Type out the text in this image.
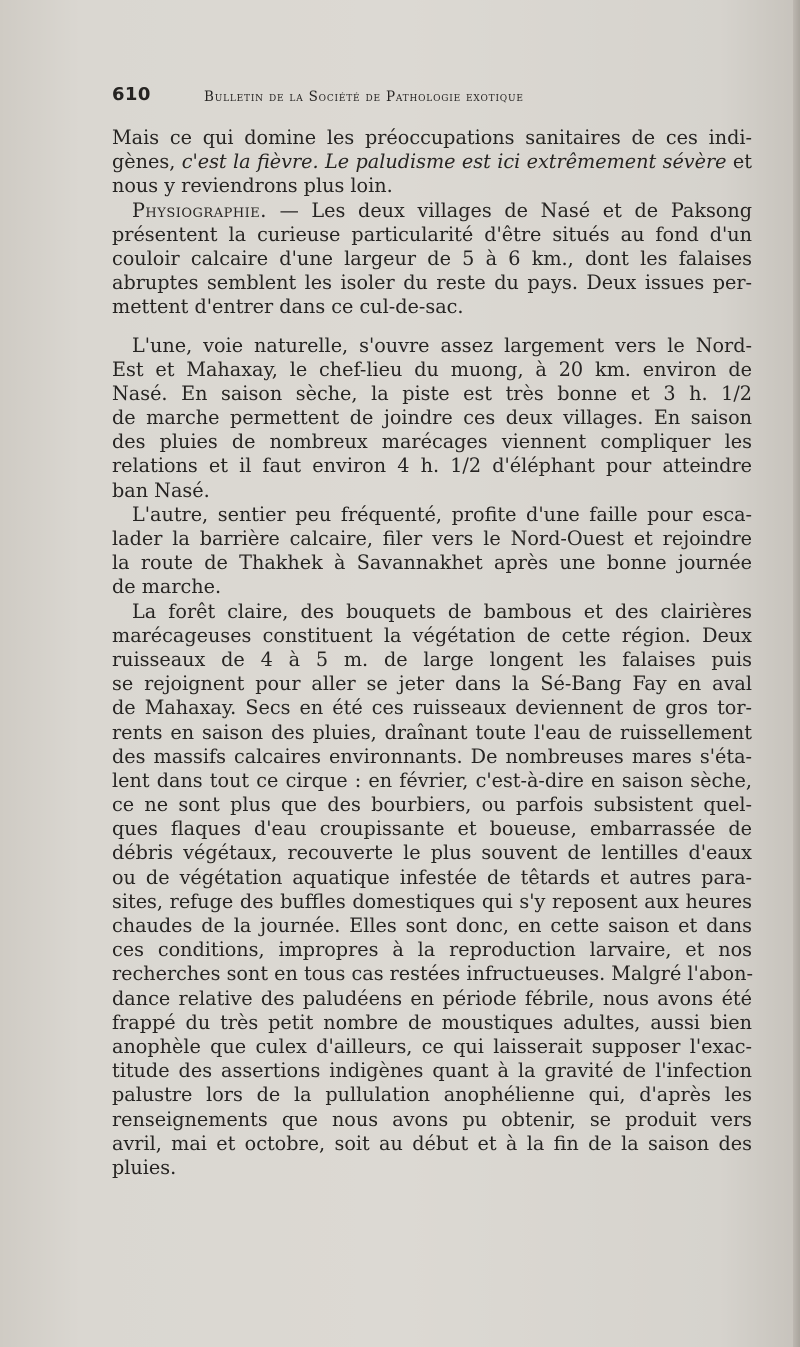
610	Bulletin de la Société de Pathologie exotique
Mais ce qui domine les préoccupations sanitaires de ces indi-
gènes, c'est la fièvre. Le paludisme est ici extrêmement sévère et
nous y reviendrons plus loin.
Physiographie. — Les deux villages de Nasé et de Paksong
présentent la curieuse particularité d'être situés au fond d'un
couloir calcaire d'une largeur de 5 à 6 km., dont les falaises
abruptes semblent les isoler du reste du pays. Deux issues per-
mettent d'entrer dans ce cul-de-sac.
L'une, voie naturelle, s'ouvre assez largement vers le Nord-
Est et Mahaxay, le chef-lieu du muong, à 20 km. environ de
Nasé. En saison sèche, la piste est très bonne et 3 h. 1/2
de marche permettent de joindre ces deux villages. En saison
des pluies de nombreux marécages viennent compliquer les
relations et il faut environ 4 h. 1/2 d'éléphant pour atteindre
ban Nasé.
L'autre, sentier peu fréquenté, profite d'une faille pour esca-
lader la barrière calcaire, filer vers le Nord-Ouest et rejoindre
la route de Thakhek à Savannakhet après une bonne journée
de marche.
La forêt claire, des bouquets de bambous et des clairières
marécageuses constituent la végétation de cette région. Deux
ruisseaux de 4 à 5 m. de large longent les falaises puis
se rejoignent pour aller se jeter dans la Sé-Bang Fay en aval
de Mahaxay. Secs en été ces ruisseaux deviennent de gros tor-
rents en saison des pluies, draînant toute l'eau de ruissellement
des massifs calcaires environnants. De nombreuses mares s'éta-
lent dans tout ce cirque : en février, c'est-à-dire en saison sèche,
ce ne sont plus que des bourbiers, ou parfois subsistent quel-
ques flaques d'eau croupissante et boueuse, embarrassée de
débris végétaux, recouverte le plus souvent de lentilles d'eaux
ou de végétation aquatique infestée de têtards et autres para-
sites, refuge des buffles domestiques qui s'y reposent aux heures
chaudes de la journée. Elles sont donc, en cette saison et dans
ces conditions, impropres à la reproduction larvaire, et nos
recherches sont en tous cas restées infructueuses. Malgré l'abon-
dance relative des paludéens en période fébrile, nous avons été
frappé du très petit nombre de moustiques adultes, aussi bien
anophèle que culex d'ailleurs, ce qui laisserait supposer l'exac-
titude des assertions indigènes quant à la gravité de l'infection
palustre lors de la pullulation anophélienne qui, d'après les
renseignements que nous avons pu obtenir, se produit vers
avril, mai et octobre, soit au début et à la fin de la saison des
pluies.
